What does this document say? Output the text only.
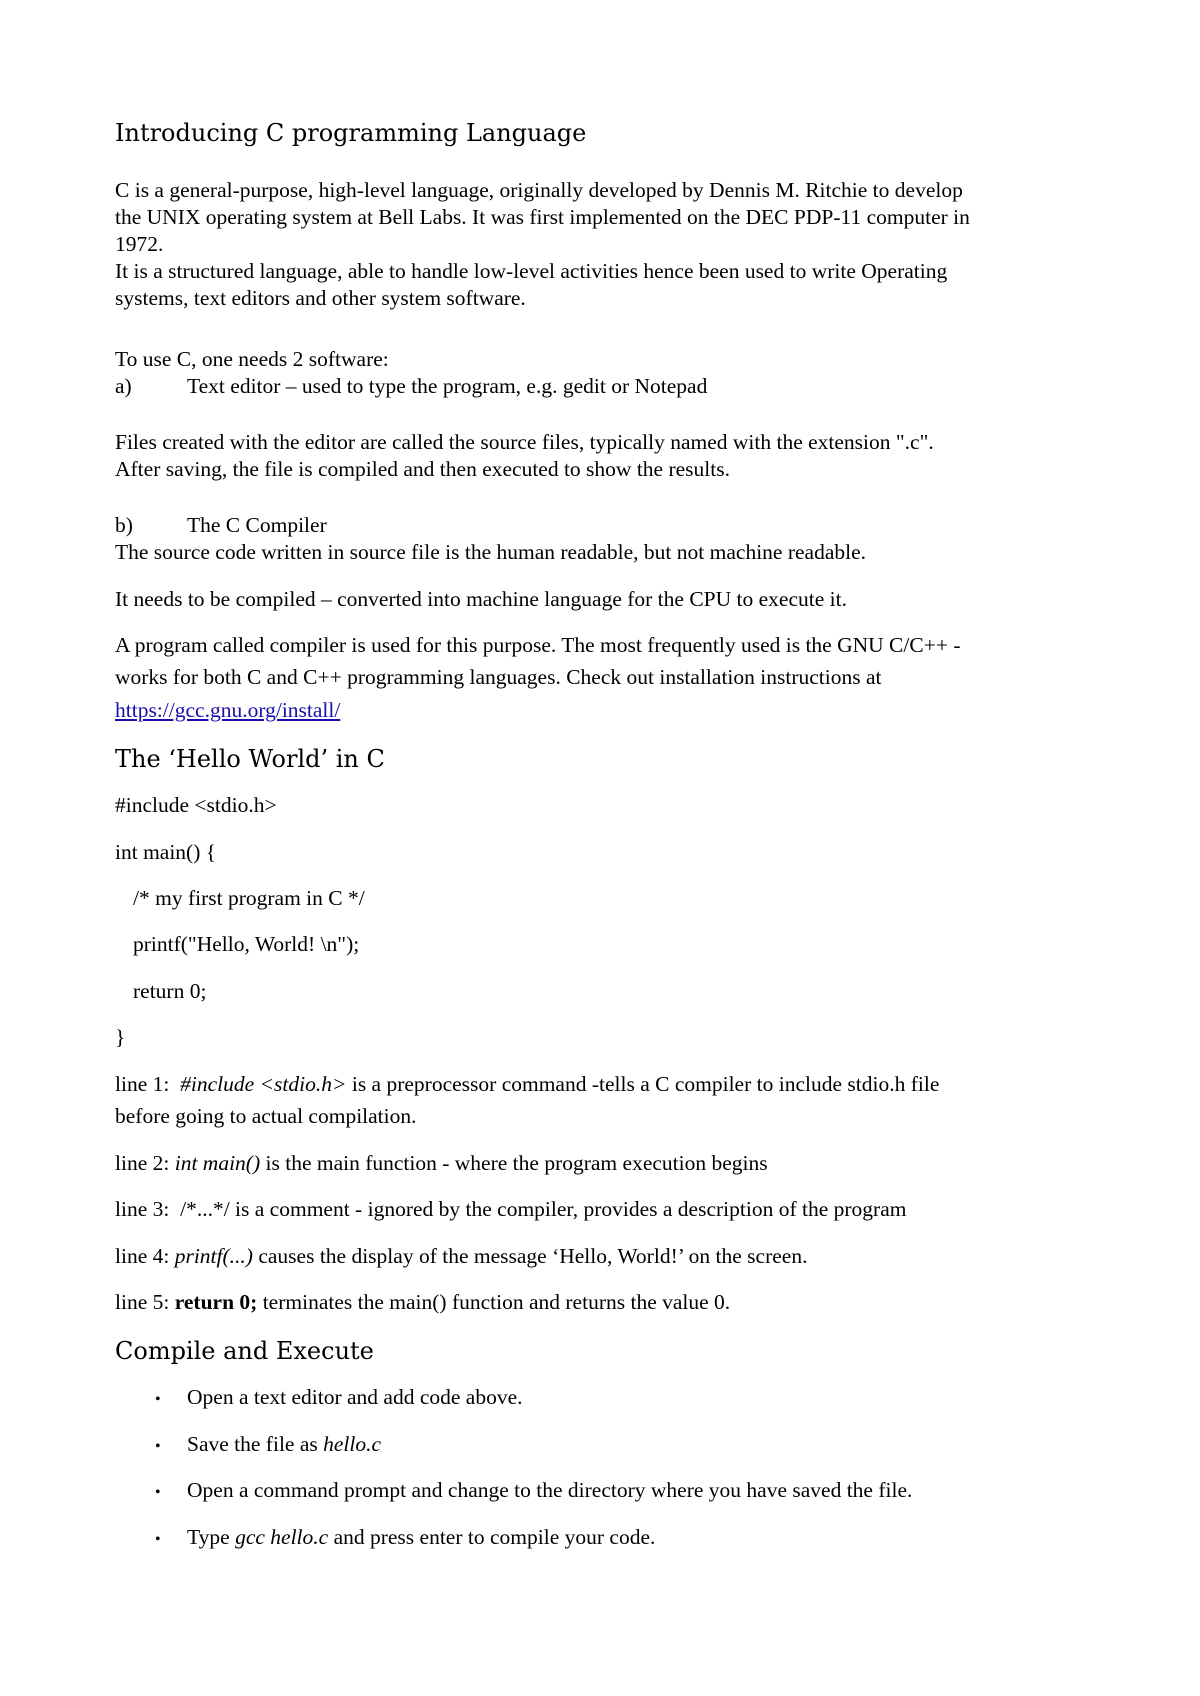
Introducing C programming Language

C is a general-purpose, high-level language, originally developed by Dennis M. Ritchie to develop

the UNIX operating system at Bell Labs. It was first implemented on the DEC PDP-11 computer in

1972.

It is a structured language, able to handle low-level activities hence been used to write Operating

systems, text editors and other system software.

To use C, one needs 2 software:

a)	Text editor – used to type the program, e.g. gedit or Notepad

Files created with the editor are called the source files, typically named with the extension ".c".

After saving, the file is compiled and then executed to show the results.

b)	The C Compiler

The source code written in source file is the human readable, but not machine readable.

It needs to be compiled – converted into machine language for the CPU to execute it.

A program called compiler is used for this purpose. The most frequently used is the GNU C/C++ -

works for both C and C++ programming languages. Check out installation instructions at

https://gcc.gnu.org/install/

The ‘Hello World’ in C

#include <stdio.h>

int main() {

/* my first program in C */

printf("Hello, World! \n");

return 0;

}

line 1: #include <stdio.h> is a preprocessor command -tells a C compiler to include stdio.h file

before going to actual compilation.

line 2: int main() is the main function - where the program execution begins

line 3: /*...*/ is a comment - ignored by the compiler, provides a description of the program

line 4: printf(...) causes the display of the message ‘Hello, World!’ on the screen.

line 5: return 0; terminates the main() function and returns the value 0.

Compile and Execute

• Open a text editor and add code above.

• Save the file as hello.c

• Open a command prompt and change to the directory where you have saved the file.

• Type gcc hello.c and press enter to compile your code.
